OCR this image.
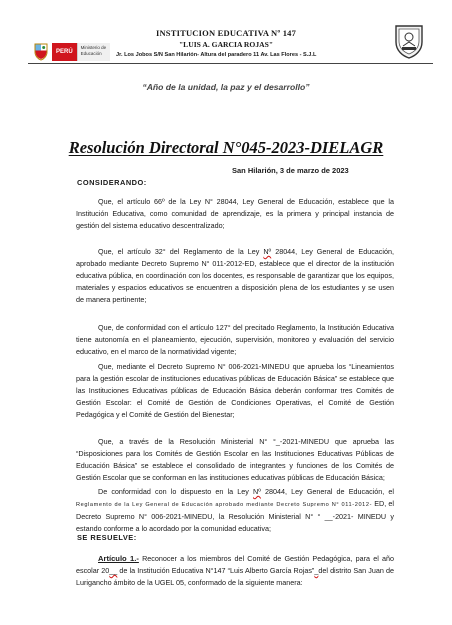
PERÚ
Ministerio de Educación
INSTITUCION EDUCATIVA Nº 147
"LUIS A. GARCIA ROJAS"
Jr. Los Jobos S/N San Hilarión- Altura del paradero 11 Av. Las Flores - S.J.L
“Año de la unidad, la paz y el desarrollo”
Resolución Directoral N°045-2023-DIELAGR
San Hilarión, 3 de marzo de 2023
CONSIDERANDO:
Que, el artículo 66º de la Ley N° 28044, Ley General de Educación, establece que la Institución Educativa, como comunidad de aprendizaje, es la primera y principal instancia de gestión del sistema educativo descentralizado;
Que, el artículo 32° del Reglamento de la Ley Nº 28044, Ley General de Educación, aprobado mediante Decreto Supremo N° 011-2012-ED, establece que el director de la institución educativa pública, en coordinación con los docentes, es responsable de garantizar que los equipos, materiales y espacios educativos se encuentren a disposición plena de los estudiantes y se usen de manera pertinente;
Que, de conformidad con el artículo 127° del precitado Reglamento, la Institución Educativa tiene autonomía en el planeamiento, ejecución, supervisión, monitoreo y evaluación del servicio educativo, en el marco de la normatividad vigente;
Que, mediante el Decreto Supremo N° 006-2021-MINEDU que aprueba los “Lineamientos para la gestión escolar de instituciones educativas públicas de Educación Básica” se establece que las Instituciones Educativas públicas de Educación Básica deberán conformar tres Comités de Gestión Escolar: el Comité de Gestión de Condiciones Operativas, el Comité de Gestión Pedagógica y el Comité de Gestión del Bienestar;
Que, a través de la Resolución Ministerial N° °_-2021-MINEDU que aprueba las “Disposiciones para los Comités de Gestión Escolar en las Instituciones Educativas Públicas de Educación Básica” se establece el consolidado de integrantes y funciones de los Comités de Gestión Escolar que se conforman en las instituciones educativas públicas de Educación Básica;
De conformidad con lo dispuesto en la Ley Nº 28044, Ley General de Educación, el Reglamento de la Ley General de Educación aprobado mediante Decreto Supremo N° 011-2012- ED, el Decreto Supremo N° 006-2021-MINEDU, la Resolución Ministerial N° ° __-2021- MINEDU y estando conforme a lo acordado por la comunidad educativa;
SE RESUELVE:
Artículo 1.- Reconocer a los miembros del Comité de Gestión Pedagógica, para el año escolar 20__ de la Institución Educativa N°147 “Luis Alberto García Rojas”_del distrito San Juan de Lurigancho ámbito de la UGEL 05, conformado de la siguiente manera:
